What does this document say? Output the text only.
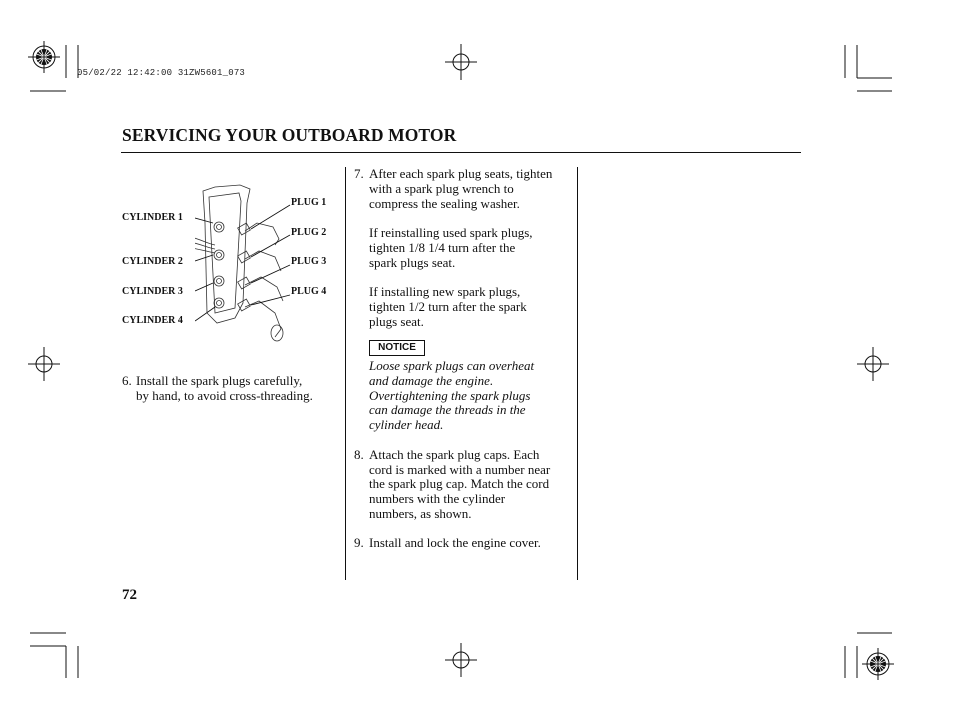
05/02/22 12:42:00 31ZW5601_073
SERVICING YOUR OUTBOARD MOTOR
CYLINDER 1
CYLINDER 2
CYLINDER 3
CYLINDER 4
PLUG 1
PLUG 2
PLUG 3
PLUG 4
6. Install the spark plugs carefully,
by hand, to avoid cross-threading.
7. After each spark plug seats, tighten
with a spark plug wrench to
compress the sealing washer.
If reinstalling used spark plugs,
tighten 1/8 1/4 turn after the
spark plugs seat.
If installing new spark plugs,
tighten 1/2 turn after the spark
plugs seat.
NOTICE
Loose spark plugs can overheat
and damage the engine.
Overtightening the spark plugs
can damage the threads in the
cylinder head.
8. Attach the spark plug caps. Each
cord is marked with a number near
the spark plug cap. Match the cord
numbers with the cylinder
numbers, as shown.
9. Install and lock the engine cover.
72
